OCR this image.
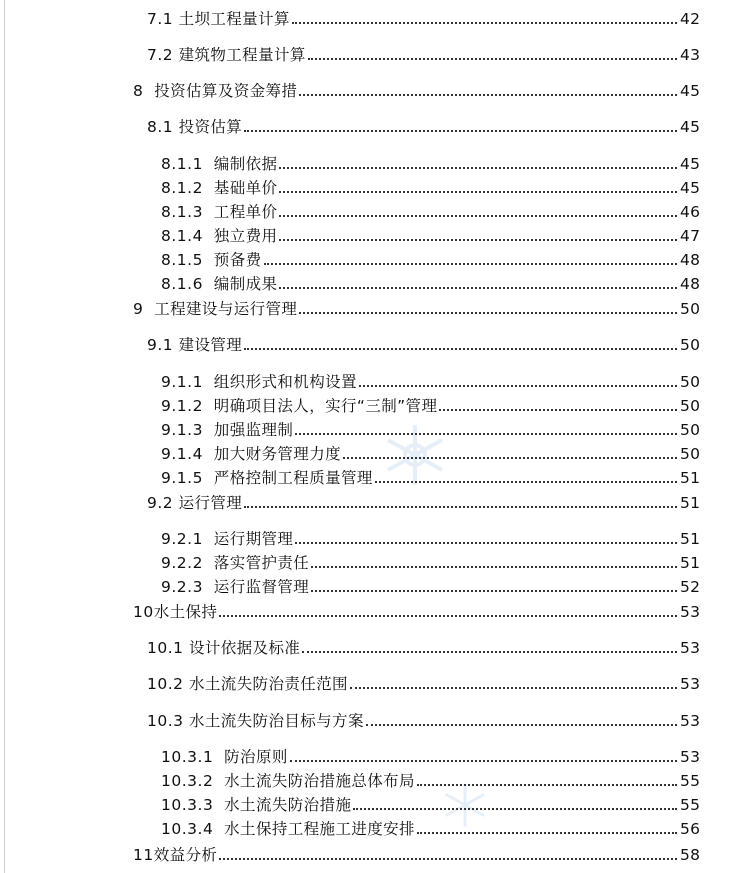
7.1 土坝工程量计算	42
7.2 建筑物工程量计算	43
8 投资估算及资金筹措	45
8.1 投资估算	45
8.1.1 编制依据	45
8.1.2 基础单价	45
8.1.3 工程单价	46
8.1.4 独立费用	47
8.1.5 预备费	48
8.1.6 编制成果	48
9 工程建设与运行管理	50
9.1 建设管理	50
9.1.1 组织形式和机构设置	50
9.1.2 明确项目法人，实行“三制”管理	50
9.1.3 加强监理制	50
9.1.4 加大财务管理力度	50
9.1.5 严格控制工程质量管理	51
9.2 运行管理	51
9.2.1 运行期管理	51
9.2.2 落实管护责任	51
9.2.3 运行监督管理	52
10 水土保持	53
10.1 设计依据及标准	53
10.2 水土流失防治责任范围	53
10.3 水土流失防治目标与方案	53
10.3.1 防治原则	53
10.3.2 水土流失防治措施总体布局	55
10.3.3 水土流失防治措施	55
10.3.4 水土保持工程施工进度安排	56
11 效益分析	58
